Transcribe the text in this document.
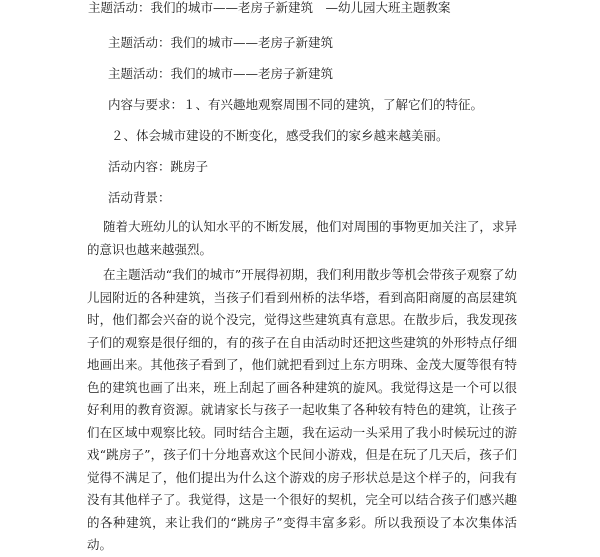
主题活动：我们的城市——老房子新建筑　—幼儿园大班主题教案
主题活动：我们的城市——老房子新建筑
主题活动：我们的城市——老房子新建筑
内容与要求：１、有兴趣地观察周围不同的建筑，了解它们的特征。
２、体会城市建设的不断变化，感受我们的家乡越来越美丽。
活动内容：跳房子
活动背景：
随着大班幼儿的认知水平的不断发展，他们对周围的事物更加关注了，求异的意识也越来越强烈。
在主题活动“我们的城市”开展得初期，我们利用散步等机会带孩子观察了幼儿园附近的各种建筑，当孩子们看到州桥的法华塔，看到高阳商厦的高层建筑时，他们都会兴奋的说个没完，觉得这些建筑真有意思。在散步后，我发现孩子们的观察是很仔细的，有的孩子在自由活动时还把这些建筑的外形特点仔细地画出来。其他孩子看到了，他们就把看到过上东方明珠、金茂大厦等很有特色的建筑也画了出来，班上刮起了画各种建筑的旋风。我觉得这是一个可以很好利用的教育资源。就请家长与孩子一起收集了各种较有特色的建筑，让孩子们在区域中观察比较。同时结合主题，我在运动一头采用了我小时候玩过的游戏“跳房子”，孩子们十分地喜欢这个民间小游戏，但是在玩了几天后，孩子们觉得不满足了，他们提出为什么这个游戏的房子形状总是这个样子的，问我有没有其他样子了。我觉得，这是一个很好的契机，完全可以结合孩子们感兴趣的各种建筑，来让我们的“跳房子”变得丰富多彩。所以我预设了本次集体活动。
